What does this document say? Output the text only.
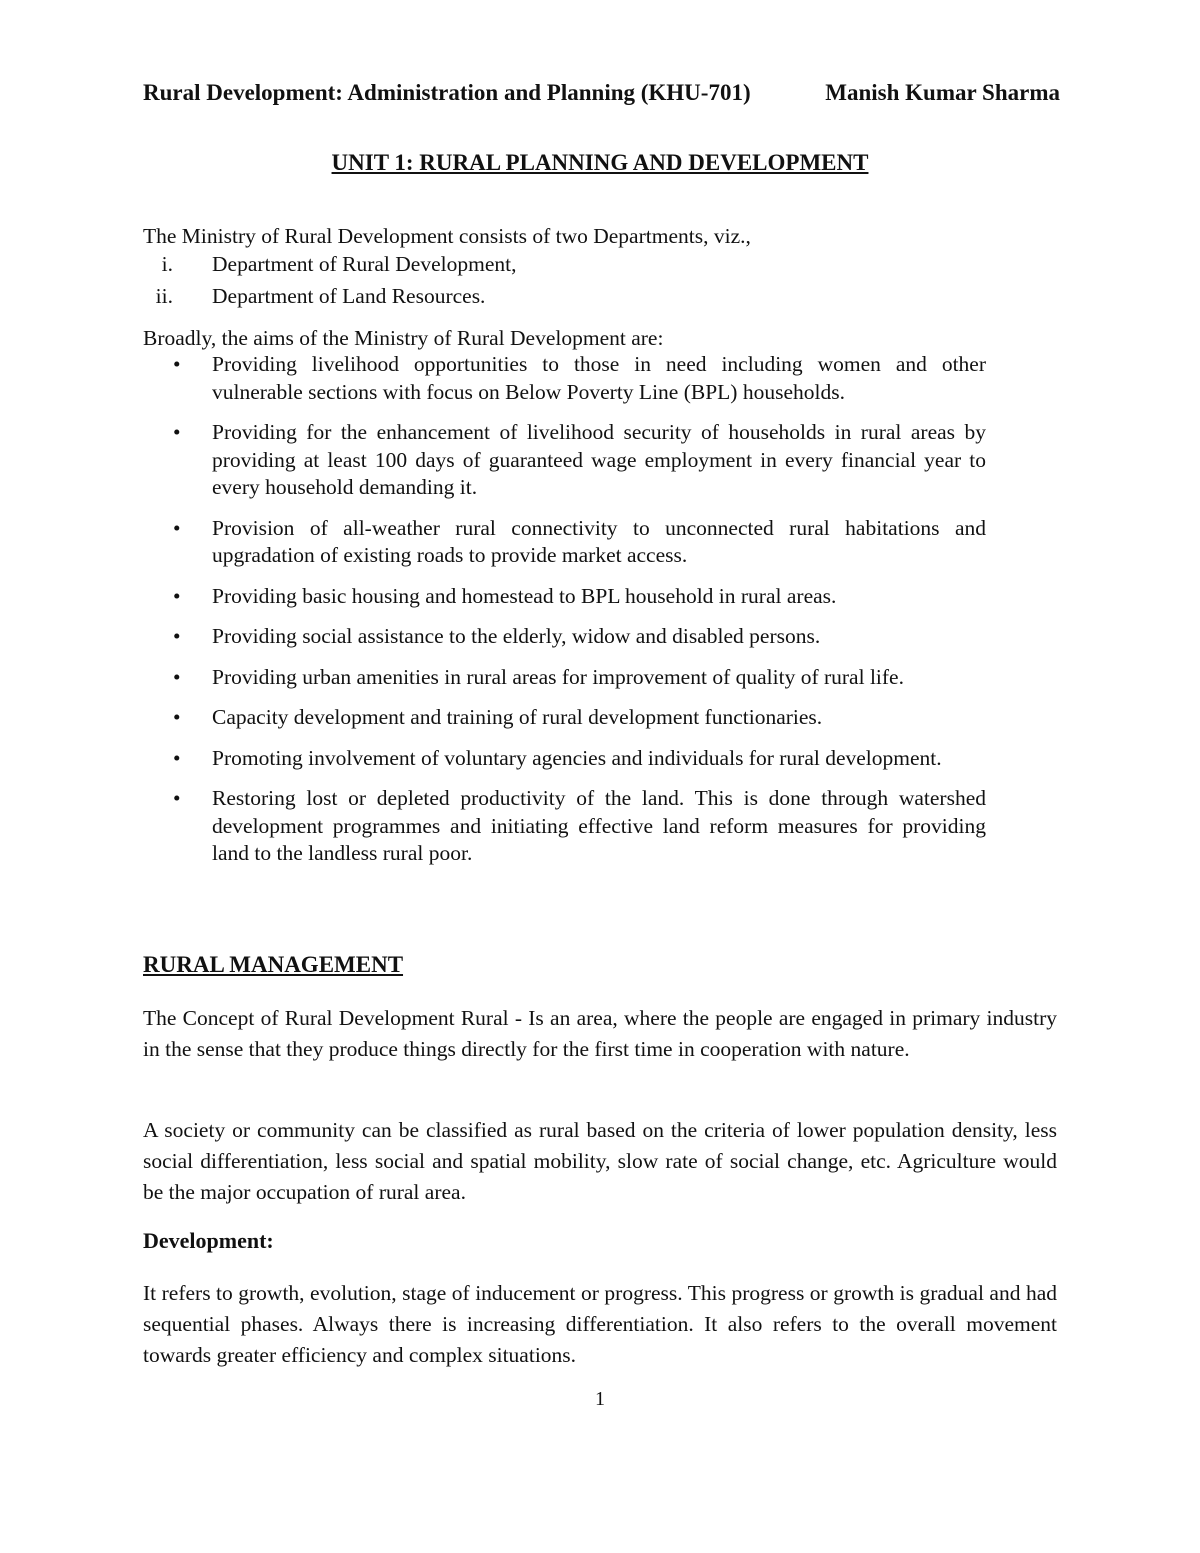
Rural Development: Administration and Planning (KHU-701)	Manish Kumar Sharma
UNIT 1: RURAL PLANNING AND DEVELOPMENT
The Ministry of Rural Development consists of two Departments, viz.,
i. Department of Rural Development,
ii. Department of Land Resources.
Broadly, the aims of the Ministry of Rural Development are:
• Providing livelihood opportunities to those in need including women and other vulnerable sections with focus on Below Poverty Line (BPL) households.
• Providing for the enhancement of livelihood security of households in rural areas by providing at least 100 days of guaranteed wage employment in every financial year to every household demanding it.
• Provision of all-weather rural connectivity to unconnected rural habitations and upgradation of existing roads to provide market access.
• Providing basic housing and homestead to BPL household in rural areas.
• Providing social assistance to the elderly, widow and disabled persons.
• Providing urban amenities in rural areas for improvement of quality of rural life.
• Capacity development and training of rural development functionaries.
• Promoting involvement of voluntary agencies and individuals for rural development.
• Restoring lost or depleted productivity of the land. This is done through watershed development programmes and initiating effective land reform measures for providing land to the landless rural poor.
RURAL MANAGEMENT
The Concept of Rural Development Rural - Is an area, where the people are engaged in primary industry in the sense that they produce things directly for the first time in cooperation with nature.
A society or community can be classified as rural based on the criteria of lower population density, less social differentiation, less social and spatial mobility, slow rate of social change, etc. Agriculture would be the major occupation of rural area.
Development:
It refers to growth, evolution, stage of inducement or progress. This progress or growth is gradual and had sequential phases. Always there is increasing differentiation. It also refers to the overall movement towards greater efficiency and complex situations.
1
